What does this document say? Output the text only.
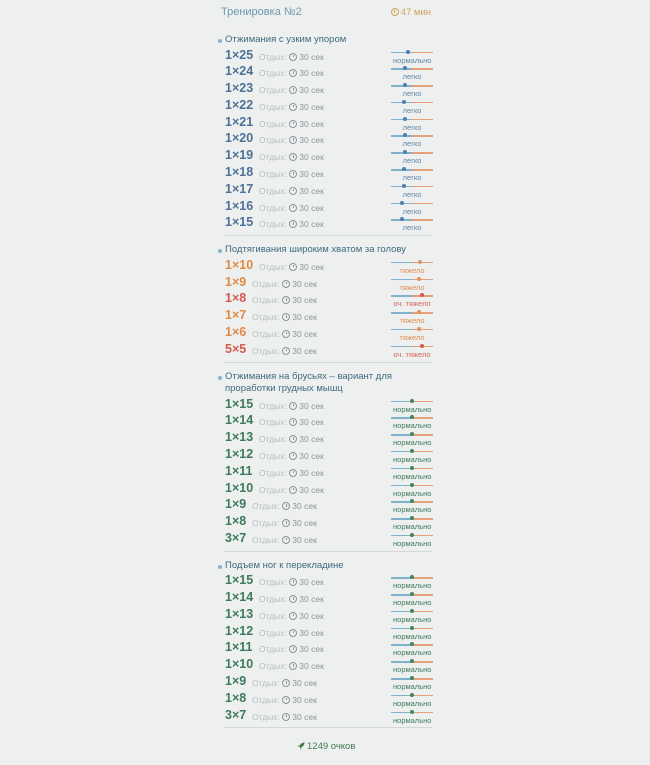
Тренировка №2	47 мин
Отжимания с узким упором
1×25 Отдых: 30 сек	нормально
1×24 Отдых: 30 сек	легко
1×23 Отдых: 30 сек	легко
1×22 Отдых: 30 сек	легко
1×21 Отдых: 30 сек	легко
1×20 Отдых: 30 сек	легко
1×19 Отдых: 30 сек	легко
1×18 Отдых: 30 сек	легко
1×17 Отдых: 30 сек	легко
1×16 Отдых: 30 сек	легко
1×15 Отдых: 30 сек	легко
Подтягивания широким хватом за голову
1×10 Отдых: 30 сек	тяжело
1×9 Отдых: 30 сек	тяжело
1×8 Отдых: 30 сек	оч. тяжело
1×7 Отдых: 30 сек	тяжело
1×6 Отдых: 30 сек	тяжело
5×5 Отдых: 30 сек	оч. тяжело
Отжимания на брусьях – вариант для проработки грудных мышц
1×15 Отдых: 30 сек	нормально
1×14 Отдых: 30 сек	нормально
1×13 Отдых: 30 сек	нормально
1×12 Отдых: 30 сек	нормально
1×11 Отдых: 30 сек	нормально
1×10 Отдых: 30 сек	нормально
1×9 Отдых: 30 сек	нормально
1×8 Отдых: 30 сек	нормально
3×7 Отдых: 30 сек	нормально
Подъем ног к перекладине
1×15 Отдых: 30 сек	нормально
1×14 Отдых: 30 сек	нормально
1×13 Отдых: 30 сек	нормально
1×12 Отдых: 30 сек	нормально
1×11 Отдых: 30 сек	нормально
1×10 Отдых: 30 сек	нормально
1×9 Отдых: 30 сек	нормально
1×8 Отдых: 30 сек	нормально
3×7 Отдых: 30 сек	нормально
1249 очков
